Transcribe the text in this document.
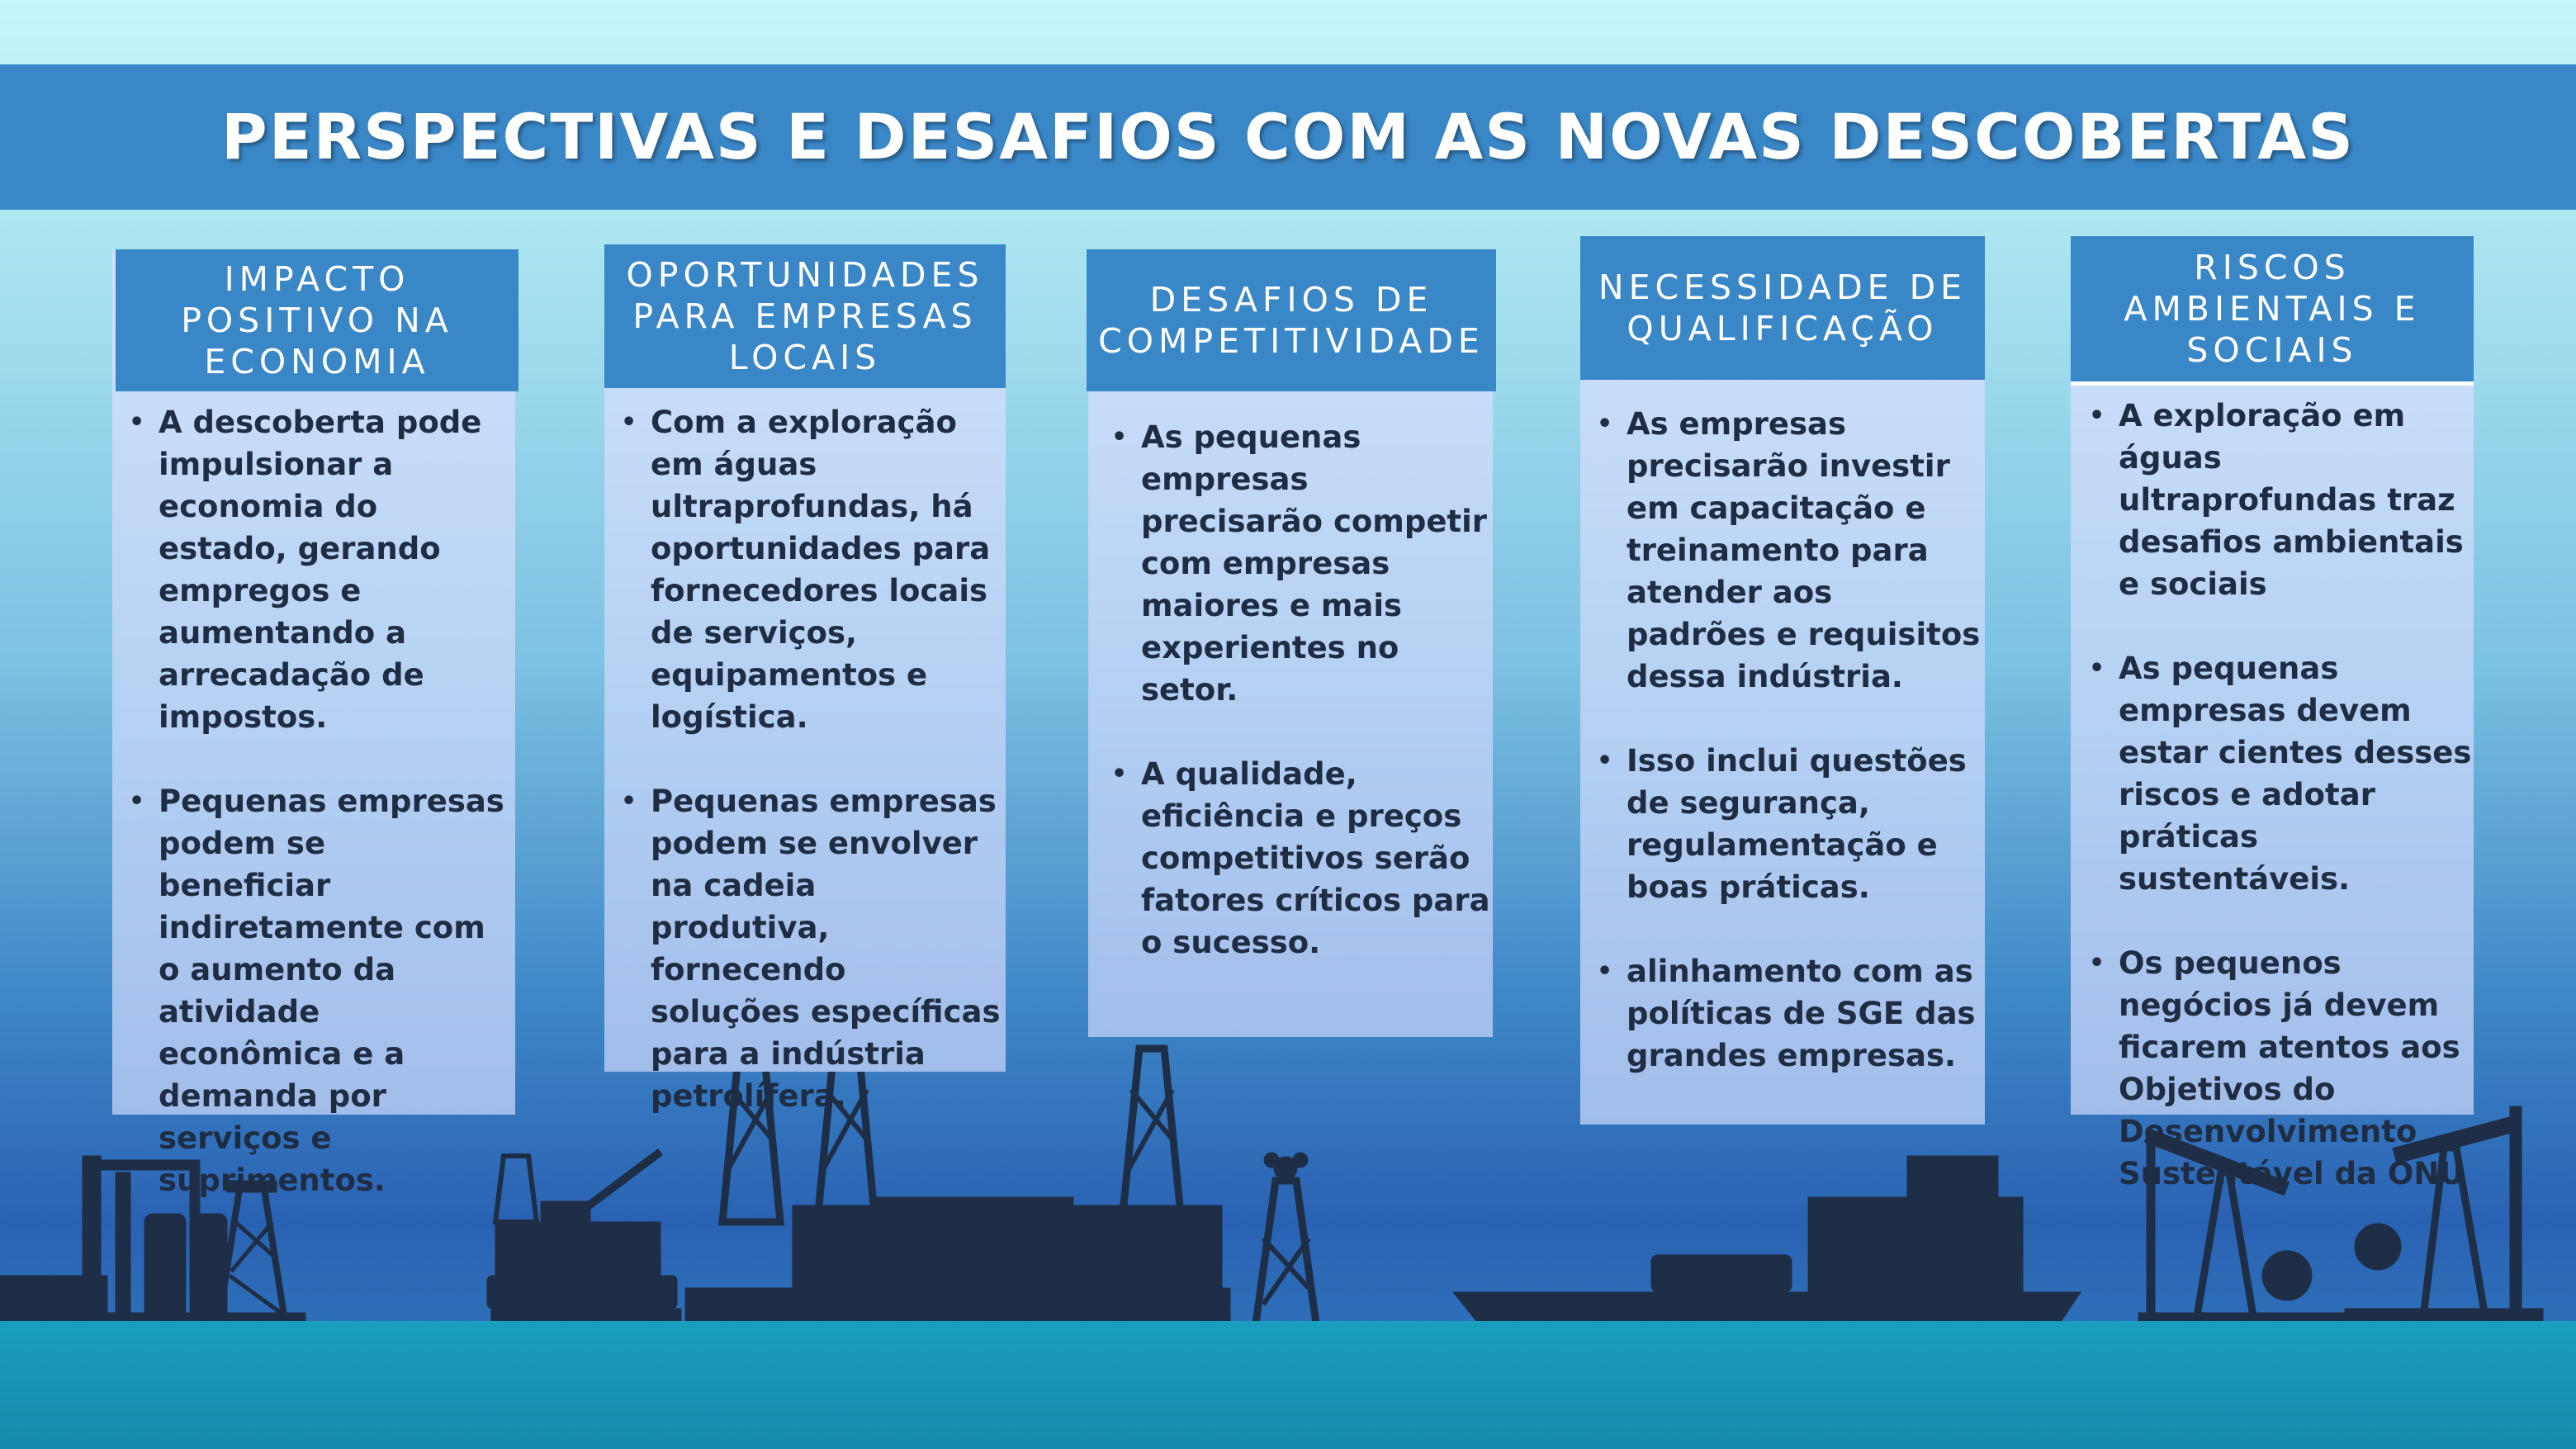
PERSPECTIVAS E DESAFIOS COM AS NOVAS DESCOBERTAS
IMPACTO
POSITIVO NA
ECONOMIA
• A descoberta pode impulsionar a economia do estado, gerando empregos e aumentando a arrecadação de impostos.
• Pequenas empresas podem se beneficiar indiretamente com o aumento da atividade econômica e a demanda por serviços e suprimentos.
OPORTUNIDADES
PARA EMPRESAS
LOCAIS
• Com a exploração em águas ultraprofundas, há oportunidades para fornecedores locais de serviços, equipamentos e logística.
• Pequenas empresas podem se envolver na cadeia produtiva, fornecendo soluções específicas para a indústria petrolífera.
DESAFIOS DE
COMPETITIVIDADE
• As pequenas empresas precisarão competir com empresas maiores e mais experientes no setor.
• A qualidade, eficiência e preços competitivos serão fatores críticos para o sucesso.
NECESSIDADE DE
QUALIFICAÇÃO
• As empresas precisarão investir em capacitação e treinamento para atender aos padrões e requisitos dessa indústria.
• Isso inclui questões de segurança, regulamentação e boas práticas.
• alinhamento com as políticas de SGE das grandes empresas.
RISCOS
AMBIENTAIS E
SOCIAIS
• A exploração em águas ultraprofundas traz desafios ambientais e sociais
• As pequenas empresas devem estar cientes desses riscos e adotar práticas sustentáveis.
• Os pequenos negócios já devem ficarem atentos aos Objetivos do Desenvolvimento Sustentável da ONU
